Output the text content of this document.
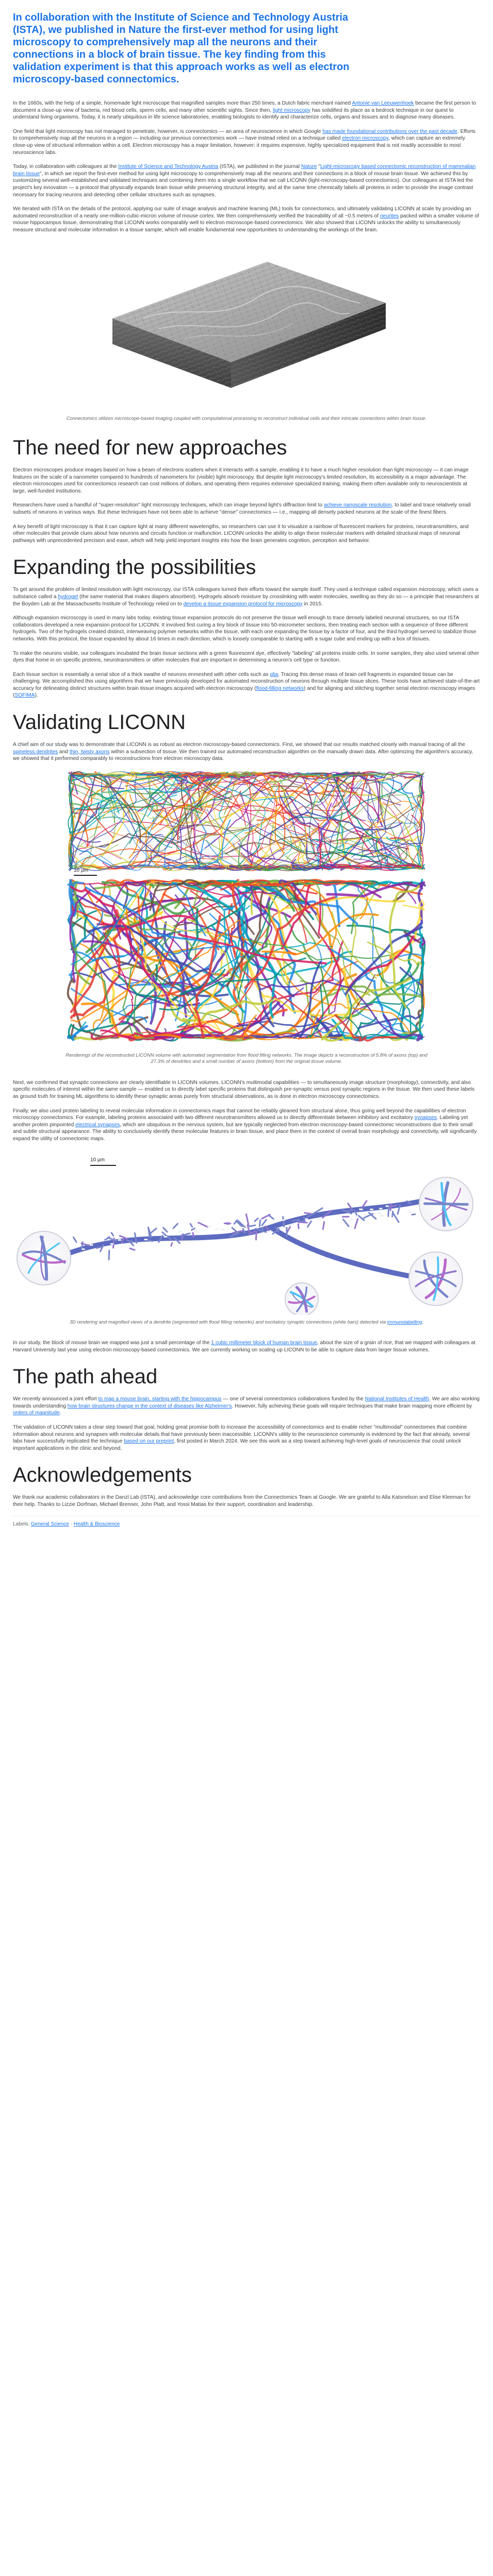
In collaboration with the Institute of Science and Technology Austria (ISTA), we published in Nature the first-ever method for using light microscopy to comprehensively map all the neurons and their connections in a block of brain tissue. The key finding from this validation experiment is that this approach works as well as electron microscopy-based connectomics.

In the 1660s, with the help of a simple, homemade light microscope that magnified samples more than 250 times, a Dutch fabric merchant named Antonie van Leeuwenhoek became the first person to document a close-up view of bacteria, red blood cells, sperm cells, and many other scientific sights. Since then, light microscopy has solidified its place as a bedrock technique in our quest to understand living organisms. Today, it is nearly ubiquitous in life science laboratories, enabling biologists to identify and characterize cells, organs and tissues and to diagnose many diseases.

One field that light microscopy has not managed to penetrate, however, is connectomics — an area of neuroscience in which Google has made foundational contributions over the past decade. Efforts to comprehensively map all the neurons in a region — including our previous connectomics work — have instead relied on a technique called electron microscopy, which can capture an extremely close-up view of structural information within a cell. Electron microscopy has a major limitation, however: it requires expensive, highly specialized equipment that is not readily accessible to most neuroscience labs.

Today, in collaboration with colleagues at the Institute of Science and Technology Austria (ISTA), we published in the journal Nature "Light-microscopy based connectomic reconstruction of mammalian brain tissue", in which we report the first-ever method for using light microscopy to comprehensively map all the neurons and their connections in a block of mouse brain tissue. We achieved this by customizing several well-established and validated techniques and combining them into a single workflow that we call LICONN (light-microscopy-based connectomics). Our colleagues at ISTA led the project's key innovation — a protocol that physically expands brain tissue while preserving structural integrity, and at the same time chemically labels all proteins in order to provide the image contrast necessary for tracing neurons and detecting other cellular structures such as synapses.

We iterated with ISTA on the details of the protocol, applying our suite of image analysis and machine learning (ML) tools for connectomics, and ultimately validating LICONN at scale by providing an automated reconstruction of a nearly one-million-cubic-micron volume of mouse cortex. We then comprehensively verified the traceability of all ~0.5 meters of neurites packed within a smaller volume of mouse hippocampus tissue, demonstrating that LICONN works comparably well to electron microscope-based connectomics. We also showed that LICONN unlocks the ability to simultaneously measure structural and molecular information in a tissue sample, which will enable fundamental new opportunities to understanding the workings of the brain.

Connectomics utilizes microscope-based imaging coupled with computational processing to reconstruct individual cells and their intricate connections within brain tissue.

The need for new approaches

Electron microscopes produce images based on how a beam of electrons scatters when it interacts with a sample, enabling it to have a much higher resolution than light microscopy — it can image features on the scale of a nanometer compared to hundreds of nanometers for (visible) light microscopy. But despite light microscopy's limited resolution, its accessibility is a major advantage. The electron microscopes used for connectomics research can cost millions of dollars, and operating them requires extensive specialized training, making them often available only to neuroscientists at large, well-funded institutions.

Researchers have used a handful of "super-resolution" light microscopy techniques, which can image beyond light's diffraction limit to achieve nanoscale resolution, to label and trace relatively small subsets of neurons in various ways. But these techniques have not been able to achieve "dense" connectomics — i.e., mapping all densely packed neurons at the scale of the finest fibers.

A key benefit of light microscopy is that it can capture light at many different wavelengths, so researchers can use it to visualize a rainbow of fluorescent markers for proteins, neurotransmitters, and other molecules that provide clues about how neurons and circuits function or malfunction. LICONN unlocks the ability to align these molecular markers with detailed structural maps of neuronal pathways with unprecedented precision and ease, which will help yield important insights into how the brain generates cognition, perception and behavior.

Expanding the possibilities

To get around the problem of limited resolution with light microscopy, our ISTA colleagues turned their efforts toward the sample itself. They used a technique called expansion microscopy, which uses a substance called a hydrogel (the same material that makes diapers absorbent). Hydrogels absorb moisture by crosslinking with water molecules, swelling as they do so — a principle that researchers at the Boyden Lab at the Massachusetts Institute of Technology relied on to develop a tissue expansion protocol for microscopy in 2015.

Although expansion microscopy is used in many labs today, existing tissue expansion protocols do not preserve the tissue well enough to trace densely labeled neuronal structures, so our ISTA collaborators developed a new expansion protocol for LICONN. It involved first curing a tiny block of tissue into 50-micrometer sections, then treating each section with a sequence of three different hydrogels. Two of the hydrogels created distinct, interweaving polymer networks within the tissue, with each one expanding the tissue by a factor of four, and the third hydrogel served to stabilize those networks. With this protocol, the tissue expanded by about 16 times in each direction, which is loosely comparable to starting with a sugar cube and ending up with a box of tissues.

To make the neurons visible, our colleagues incubated the brain tissue sections with a green fluorescent dye, effectively "labeling" all proteins inside cells. In some samples, they also used several other dyes that home in on specific proteins, neurotransmitters or other molecules that are important in determining a neuron's cell type or function.

Each tissue section is essentially a serial slice of a thick swathe of neurons enmeshed with other cells such as glia. Tracing this dense mass of brain cell fragments in expanded tissue can be challenging. We accomplished this using algorithms that we have previously developed for automated reconstruction of neurons through multiple tissue slices. These tools have achieved state-of-the-art accuracy for delineating distinct structures within brain tissue images acquired with electron microscopy (flood-filling networks) and for aligning and stitching together serial electron microscopy images (SOFIMA).

Validating LICONN

A chief aim of our study was to demonstrate that LICONN is as robust as electron microscopy-based connectomics. First, we showed that our results matched closely with manual tracing of all the spineless dendrites and thin, twisty axons within a subsection of tissue. We then trained our automated reconstruction algorithm on the manually drawn data. After optimizing the algorithm's accuracy, we showed that it performed comparably to reconstructions from electron microscopy data.

10 µm

Renderings of the reconstructed LICONN volume with automated segmentation from flood filling networks. The image depicts a reconstruction of 5.8% of axons (top) and 27.3% of dendrites and a small number of axons (bottom) from the original tissue volume.

Next, we confirmed that synaptic connections are clearly identifiable in LICONN volumes. LICONN's multimodal capabilities — to simultaneously image structure (morphology), connectivity, and also specific molecules of interest within the same sample — enabled us to directly label specific proteins that distinguish pre-synaptic versus post synaptic regions in the tissue. We then used these labels as ground truth for training ML algorithms to identify these synaptic areas purely from structural observations, as is done in electron microscopy connectomics.

Finally, we also used protein labeling to reveal molecular information in connectomics maps that cannot be reliably gleaned from structural alone, thus going well beyond the capabilities of electron microscopy connectomics. For example, labeling proteins associated with two different neurotransmitters allowed us to directly differentiate between inhibitory and excitatory synapses. Labeling yet another protein pinpointed electrical synapses, which are ubiquitous in the nervous system, but are typically neglected from electron microscopy-based connectomic reconstructions due to their small and subtle structural appearance. The ability to conclusively identify these molecular features in brain tissue, and place them in the context of overall brain morphology and connectivity, will significantly expand the utility of connectomic maps.

10 µm

3D rendering and magnified views of a dendrite (segmented with flood filling networks) and excitatory synaptic connections (white bars) detected via immunolabelling.

In our study, the block of mouse brain we mapped was just a small percentage of the 1 cubic millimeter block of human brain tissue, about the size of a grain of rice, that we mapped with colleagues at Harvard University last year using electron microscopy-based connectomics. We are currently working on scaling up LICONN to be able to capture data from larger tissue volumes.

The path ahead

We recently announced a joint effort to map a mouse brain, starting with the hippocampus — one of several connectomics collaborations funded by the National Institutes of Health. We are also working towards understanding how brain structures change in the context of diseases like Alzheimer's. However, fully achieving these goals will require techniques that make brain mapping more efficient by orders of magnitude.

The validation of LICONN takes a clear step toward that goal, holding great promise both to increase the accessibility of connectomics and to enable richer "multimodal" connectomes that combine information about neurons and synapses with molecular details that have previously been inaccessible. LICONN's utility to the neuroscience community is evidenced by the fact that already, several labs have successfully replicated the technique based on our preprint, first posted in March 2024. We see this work as a step toward achieving high-level goals of neuroscience that could unlock important applications in the clinic and beyond.

Acknowledgements

We thank our academic collaborators in the Danzl Lab (ISTA), and acknowledge core contributions from the Connectomics Team at Google. We are grateful to Alla Katsnelson and Elise Kleeman for their help. Thanks to Lizzie Dorfman, Michael Brenner, John Platt, and Yossi Matias for their support, coordination and leadership.

Labels: General Science · Health & Bioscience
